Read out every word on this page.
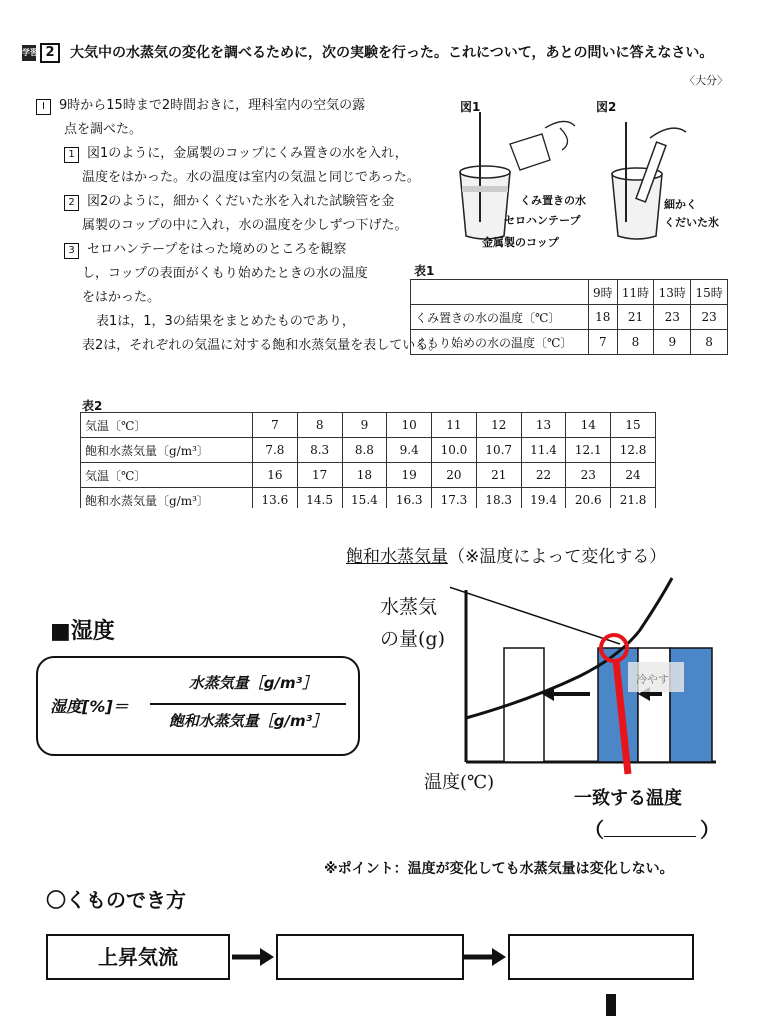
学習 2 大気中の水蒸気の変化を調べるために，次の実験を行った。これについて，あとの問いに答えなさい。
〈大分〉
Ⅰ 9時から15時まで2時間おきに，理科室内の空気の露
点を調べた。
1 図1のように，金属製のコップにくみ置きの水を入れ，
温度をはかった。水の温度は室内の気温と同じであった。
2 図2のように，細かくくだいた氷を入れた試験管を金
属製のコップの中に入れ，水の温度を少しずつ下げた。
3 セロハンテープをはった境めのところを観察
し，コップの表面がくもり始めたときの水の温度
をはかった。
表1は，1，3の結果をまとめたものであり，
表2は，それぞれの気温に対する飽和水蒸気量を表している。
図1	図2
くみ置きの水
セロハンテープ
金属製のコップ
細かく
くだいた氷
表1
	9時	11時	13時	15時
くみ置きの水の温度〔℃〕	18	21	23	23
くもり始めの水の温度〔℃〕	7	8	9	8
表2
気温〔℃〕	7	8	9	10	11	12	13	14	15
飽和水蒸気量〔g/m³〕	7.8	8.3	8.8	9.4	10.0	10.7	11.4	12.1	12.8
気温〔℃〕	16	17	18	19	20	21	22	23	24
飽和水蒸気量〔g/m³〕	13.6	14.5	15.4	16.3	17.3	18.3	19.4	20.6	21.8
■湿度
湿度[%]＝
水蒸気量［g/m³］
飽和水蒸気量［g/m³］
飽和水蒸気量（※温度によって変化する）
水蒸気
の量(g)
温度(℃)
冷やす
一致する温度
（	）
※ポイント：温度が変化しても水蒸気量は変化しない。
〇くものでき方
上昇気流
